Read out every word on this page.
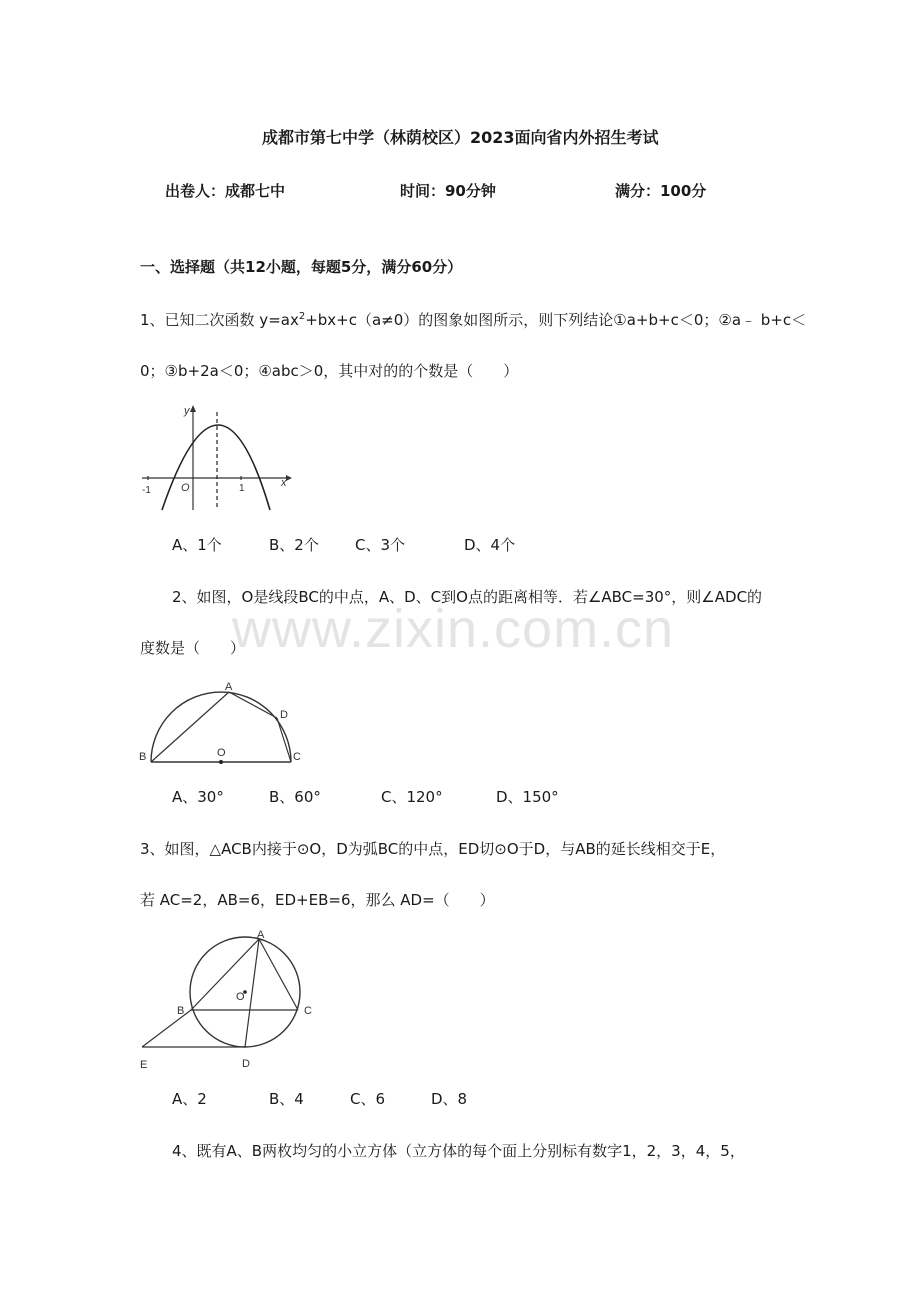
成都市第七中学（林荫校区）2023面向省内外招生考试
出卷人：成都七中	时间：90分钟	满分：100分
一、选择题（共12小题，每题5分，满分60分）
1、已知二次函数 $y=ax^2+bx+c(a\ne 0)$的图象如图所示，则下列结论①a+b+c＜0；②a﹣ b+c＜
0；③b+2a＜0；④abc＞0，其中对的的个数是（　　）
y
x
O
-1	1
A、1个	B、2个 C、3个	D、4个
2、如图，O是线段BC的中点，A、D、C到O点的距离相等．若∠ABC=30°，则∠ADC的
度数是（　　）
A
B	C
D
O
A、30°	B、60°	C、120°	D、150°
3、如图，△ACB内接于⊙O，D为弧BC的中点，ED切⊙O于D，与AB的延长线相交于E，
若 AC=2，AB=6，ED+EB=6，那么 AD=（　　）
A
B	C
D
E
O
A、2	B、4	C、6	D、8
4、既有A、B两枚均匀的小立方体（立方体的每个面上分别标有数字1，2，3，4，5，
www.zixin.com.cn
